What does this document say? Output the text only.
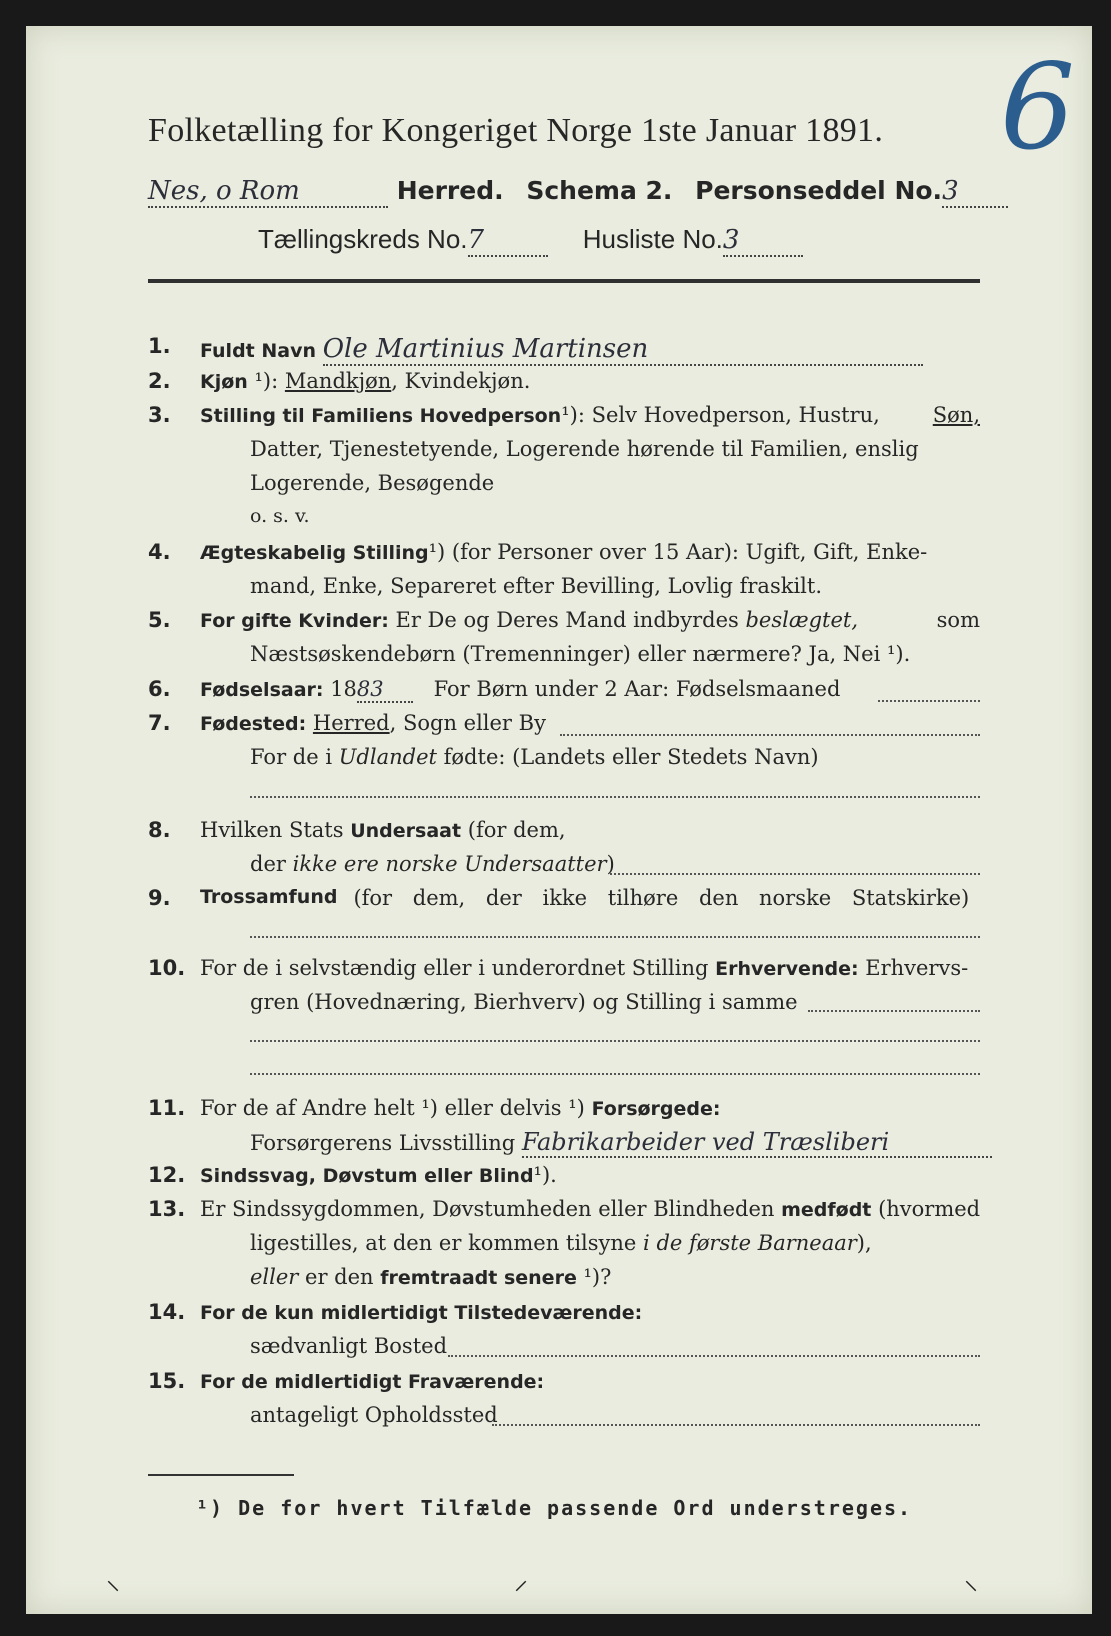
Folketælling for Kongeriget Norge 1ste Januar 1891. 6
Nes, o Rom	Herred. Schema 2. Personseddel No.3
Tællingskreds No.7	Husliste No.3
1.	Fuldt Navn Ole Martinius Martinsen
2.	Kjøn ¹): Mandkjøn, Kvindekjøn.
3.	Stilling til Familiens Hovedperson¹): Selv Hovedperson, Hustru,	Søn,
Datter, Tjenestetyende, Logerende hørende til Familien, enslig
Logerende, Besøgende
o. s. v.
4.	Ægteskabelig Stilling¹) (for Personer over 15 Aar): Ugift, Gift, Enke-
mand, Enke, Separeret efter Bevilling, Lovlig fraskilt.
5.	For gifte Kvinder: Er De og Deres Mand indbyrdes beslægtet,	som
Næstsøskendebørn (Tremenninger) eller nærmere? Ja, Nei ¹).
6.	Fødselsaar: 1883 For Børn under 2 Aar: Fødselsmaaned
7.	Fødested: Herred, Sogn eller By
For de i Udlandet fødte: (Landets eller Stedets Navn)
8.	Hvilken Stats Undersaat (for dem,
der ikke ere norske Undersaatter)
9.	Trossamfund (for dem, der ikke tilhøre den norske Statskirke)
10. For de i selvstændig eller i underordnet Stilling Erhvervende: Erhvervs-
gren (Hovednæring, Bierhverv) og Stilling i samme
11. For de af Andre helt ¹) eller delvis ¹) Forsørgede:
Forsørgerens Livsstilling Fabrikarbeider ved Træsliberi
12. Sindssvag, Døvstum eller Blind¹).
13. Er Sindssygdommen, Døvstumheden eller Blindheden medfødt (hvormed
ligestilles, at den er kommen tilsyne i de første Barneaar),
eller er den fremtraadt senere ¹)?
14. For de kun midlertidigt Tilstedeværende:
sædvanligt Bosted
15. For de midlertidigt Fraværende:
antageligt Opholdssted
¹) De for hvert Tilfælde passende Ord understreges.
⸜	⸝	⸜
